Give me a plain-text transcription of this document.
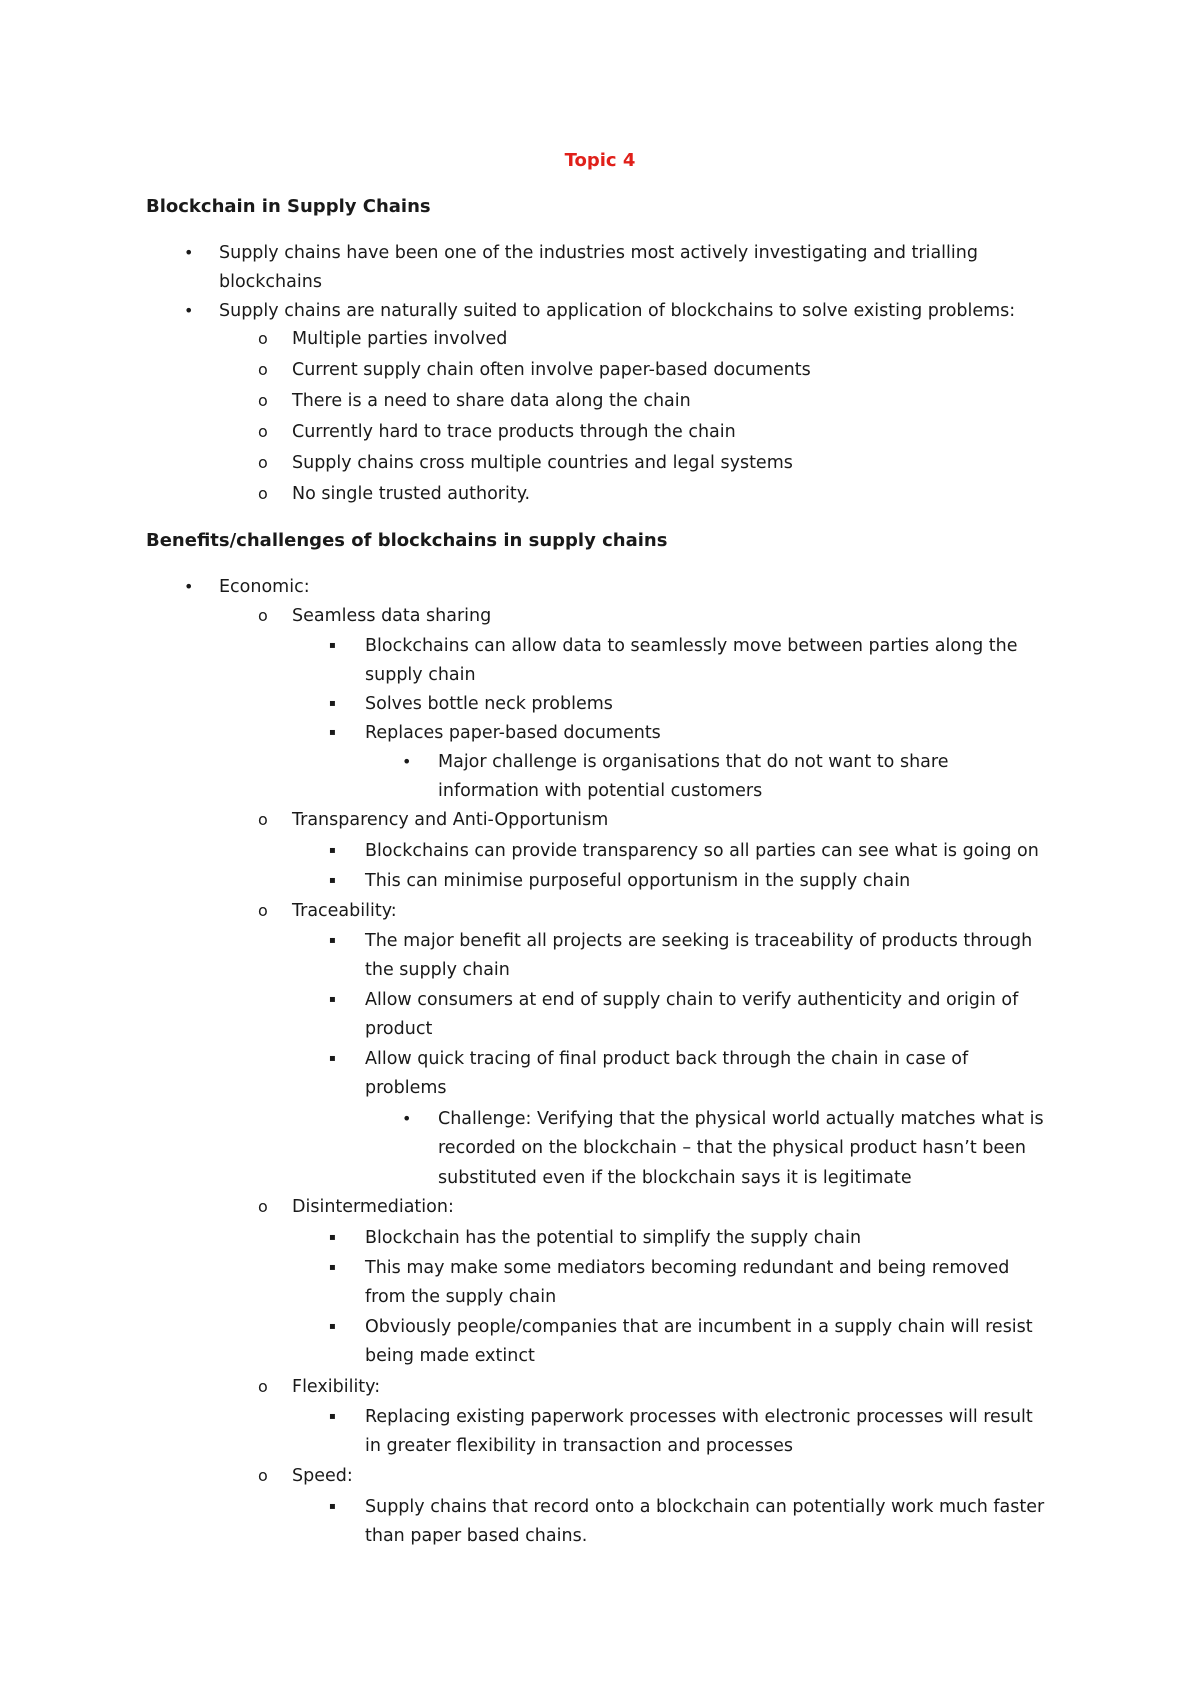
Topic 4
Blockchain in Supply Chains
• Supply chains have been one of the industries most actively investigating and trialling
blockchains
• Supply chains are naturally suited to application of blockchains to solve existing problems:
o Multiple parties involved
o Current supply chain often involve paper-based documents
o There is a need to share data along the chain
o Currently hard to trace products through the chain
o Supply chains cross multiple countries and legal systems
o No single trusted authority.
Benefits/challenges of blockchains in supply chains
• Economic:
o Seamless data sharing
▪ Blockchains can allow data to seamlessly move between parties along the
supply chain
▪ Solves bottle neck problems
▪ Replaces paper-based documents
• Major challenge is organisations that do not want to share
information with potential customers
o Transparency and Anti-Opportunism
▪ Blockchains can provide transparency so all parties can see what is going on
▪ This can minimise purposeful opportunism in the supply chain
o Traceability:
▪ The major benefit all projects are seeking is traceability of products through
the supply chain
▪ Allow consumers at end of supply chain to verify authenticity and origin of
product
▪ Allow quick tracing of final product back through the chain in case of
problems
• Challenge: Verifying that the physical world actually matches what is
recorded on the blockchain – that the physical product hasn’t been
substituted even if the blockchain says it is legitimate
o Disintermediation:
▪ Blockchain has the potential to simplify the supply chain
▪ This may make some mediators becoming redundant and being removed
from the supply chain
▪ Obviously people/companies that are incumbent in a supply chain will resist
being made extinct
o Flexibility:
▪ Replacing existing paperwork processes with electronic processes will result
in greater flexibility in transaction and processes
o Speed:
▪ Supply chains that record onto a blockchain can potentially work much faster
than paper based chains.
